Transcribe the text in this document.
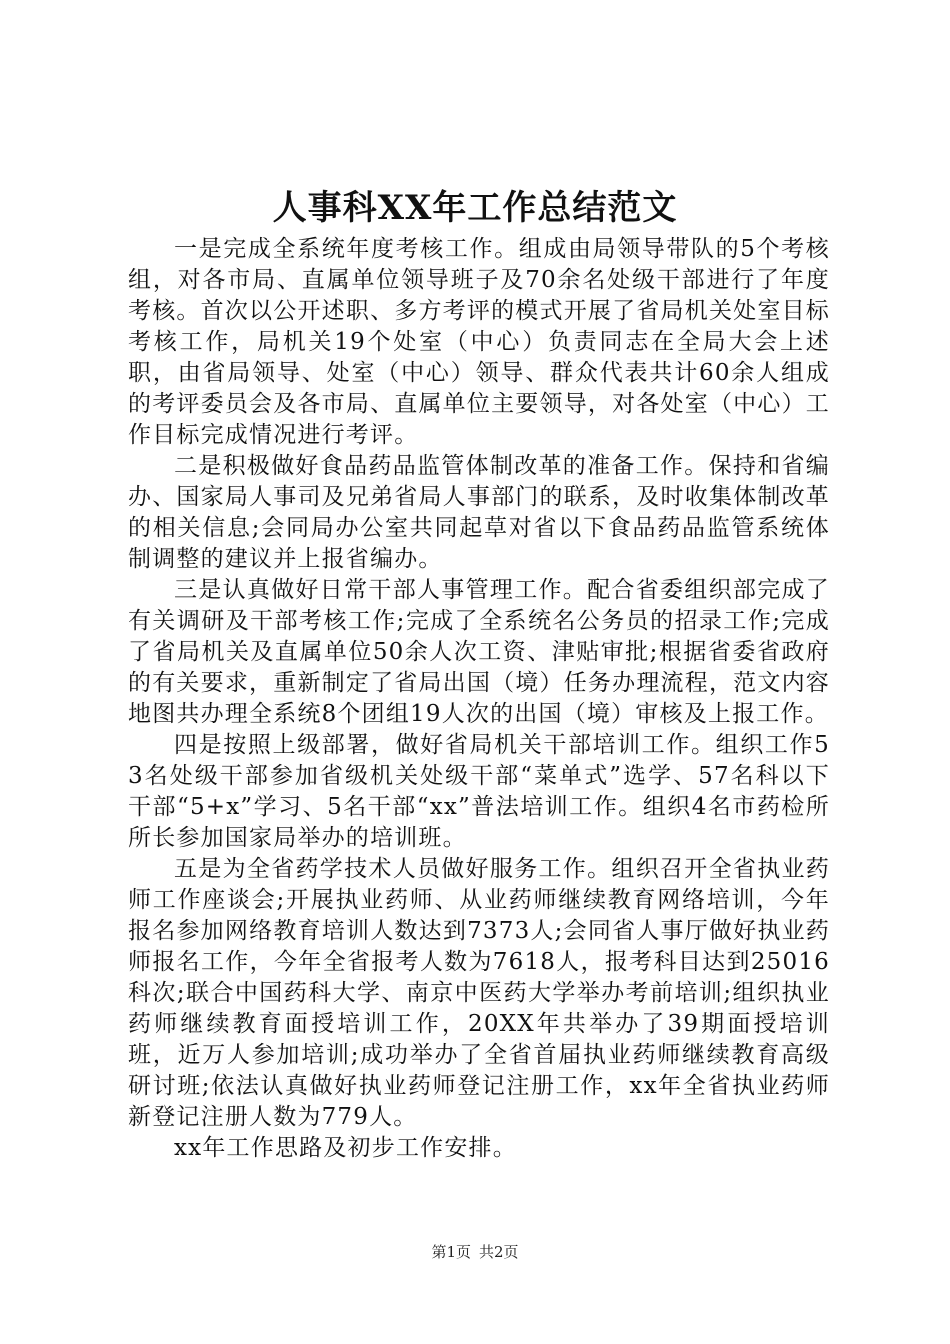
人事科XX年工作总结范文

一是完成全系统年度考核工作。组成由局领导带队的5个考核组，对各市局、直属单位领导班子及70余名处级干部进行了年度考核。首次以公开述职、多方考评的模式开展了省局机关处室目标考核工作，局机关19个处室（中心）负责同志在全局大会上述职，由省局领导、处室（中心）领导、群众代表共计60余人组成的考评委员会及各市局、直属单位主要领导，对各处室（中心）工作目标完成情况进行考评。

二是积极做好食品药品监管体制改革的准备工作。保持和省编办、国家局人事司及兄弟省局人事部门的联系，及时收集体制改革的相关信息;会同局办公室共同起草对省以下食品药品监管系统体制调整的建议并上报省编办。

三是认真做好日常干部人事管理工作。配合省委组织部完成了有关调研及干部考核工作;完成了全系统名公务员的招录工作;完成了省局机关及直属单位50余人次工资、津贴审批;根据省委省政府的有关要求，重新制定了省局出国（境）任务办理流程，范文内容地图共办理全系统8个团组19人次的出国（境）审核及上报工作。

四是按照上级部署，做好省局机关干部培训工作。组织工作53名处级干部参加省级机关处级干部“菜单式”选学、57名科以下干部“5+x”学习、5名干部“xx”普法培训工作。组织4名市药检所所长参加国家局举办的培训班。

五是为全省药学技术人员做好服务工作。组织召开全省执业药师工作座谈会;开展执业药师、从业药师继续教育网络培训，今年报名参加网络教育培训人数达到7373人;会同省人事厅做好执业药师报名工作，今年全省报考人数为7618人，报考科目达到25016科次;联合中国药科大学、南京中医药大学举办考前培训;组织执业药师继续教育面授培训工作，20XX年共举办了39期面授培训班，近万人参加培训;成功举办了全省首届执业药师继续教育高级研讨班;依法认真做好执业药师登记注册工作，xx年全省执业药师新登记注册人数为779人。

xx年工作思路及初步工作安排。

第1页 共2页
